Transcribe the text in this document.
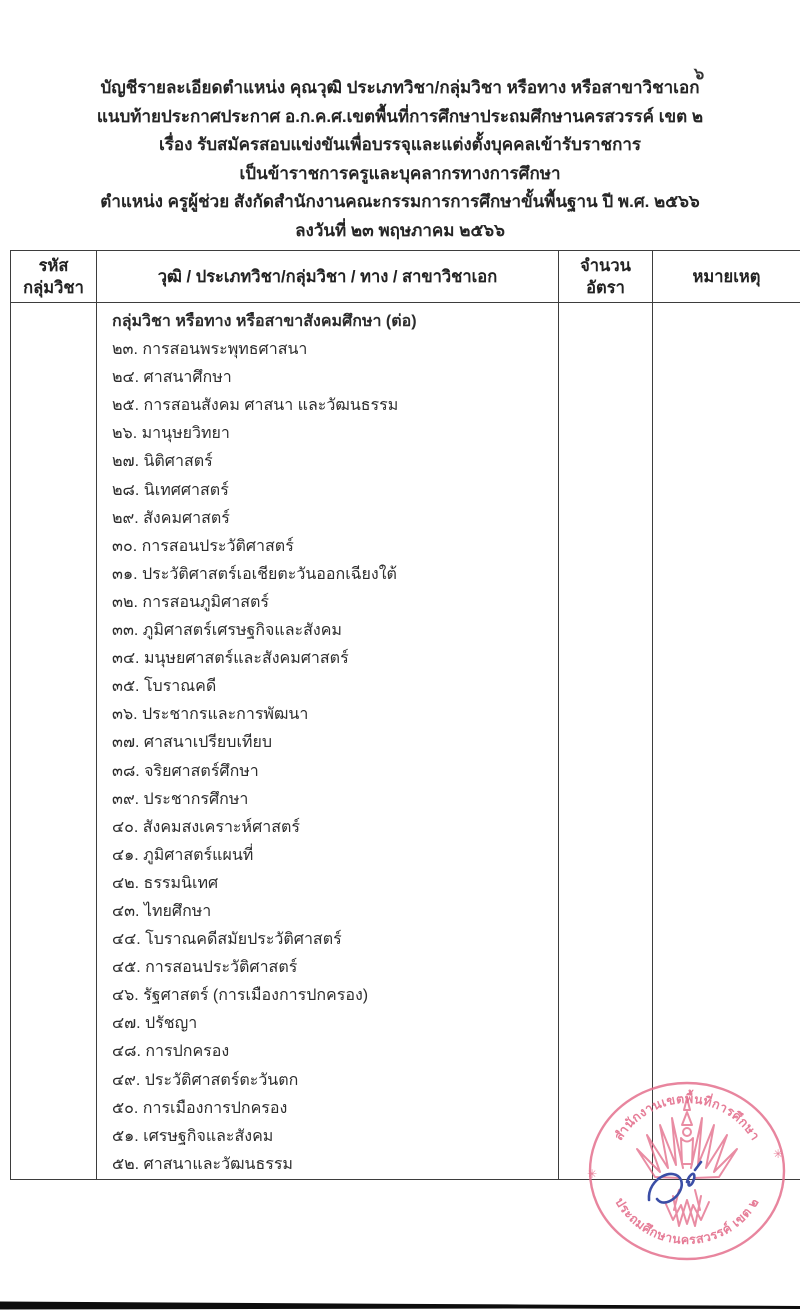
๖
บัญชีรายละเอียดตำแหน่ง คุณวุฒิ ประเภทวิชา/กลุ่มวิชา หรือทาง หรือสาขาวิชาเอก
แนบท้ายประกาศประกาศ อ.ก.ค.ศ.เขตพื้นที่การศึกษาประถมศึกษานครสวรรค์ เขต ๒
เรื่อง รับสมัครสอบแข่งขันเพื่อบรรจุและแต่งตั้งบุคคลเข้ารับราชการ
เป็นข้าราชการครูและบุคลากรทางการศึกษา
ตำแหน่ง ครูผู้ช่วย สังกัดสำนักงานคณะกรรมการการศึกษาขั้นพื้นฐาน ปี พ.ศ. ๒๕๖๖
ลงวันที่ ๒๓ พฤษภาคม ๒๕๖๖
รหัส
กลุ่มวิชา
วุฒิ / ประเภทวิชา/กลุ่มวิชา / ทาง / สาขาวิชาเอก
จำนวน
อัตรา
หมายเหตุ
กลุ่มวิชา หรือทาง หรือสาขาสังคมศึกษา (ต่อ)
๒๓. การสอนพระพุทธศาสนา
๒๔. ศาสนาศึกษา
๒๕. การสอนสังคม ศาสนา และวัฒนธรรม
๒๖. มานุษยวิทยา
๒๗. นิติศาสตร์
๒๘. นิเทศศาสตร์
๒๙. สังคมศาสตร์
๓๐. การสอนประวัติศาสตร์
๓๑. ประวัติศาสตร์เอเชียตะวันออกเฉียงใต้
๓๒. การสอนภูมิศาสตร์
๓๓. ภูมิศาสตร์เศรษฐกิจและสังคม
๓๔. มนุษยศาสตร์และสังคมศาสตร์
๓๕. โบราณคดี
๓๖. ประชากรและการพัฒนา
๓๗. ศาสนาเปรียบเทียบ
๓๘. จริยศาสตร์ศึกษา
๓๙. ประชากรศึกษา
๔๐. สังคมสงเคราะห์ศาสตร์
๔๑. ภูมิศาสตร์แผนที่
๔๒. ธรรมนิเทศ
๔๓. ไทยศึกษา
๔๔. โบราณคดีสมัยประวัติศาสตร์
๔๕. การสอนประวัติศาสตร์
๔๖. รัฐศาสตร์ (การเมืองการปกครอง)
๔๗. ปรัชญา
๔๘. การปกครอง
๔๙. ประวัติศาสตร์ตะวันตก
๕๐. การเมืองการปกครอง
๕๑. เศรษฐกิจและสังคม
๕๒. ศาสนาและวัฒนธรรม
สำนักงานเขตพื้นที่การศึกษา
ประถมศึกษานครสวรรค์ เขต ๒
✳
✳
